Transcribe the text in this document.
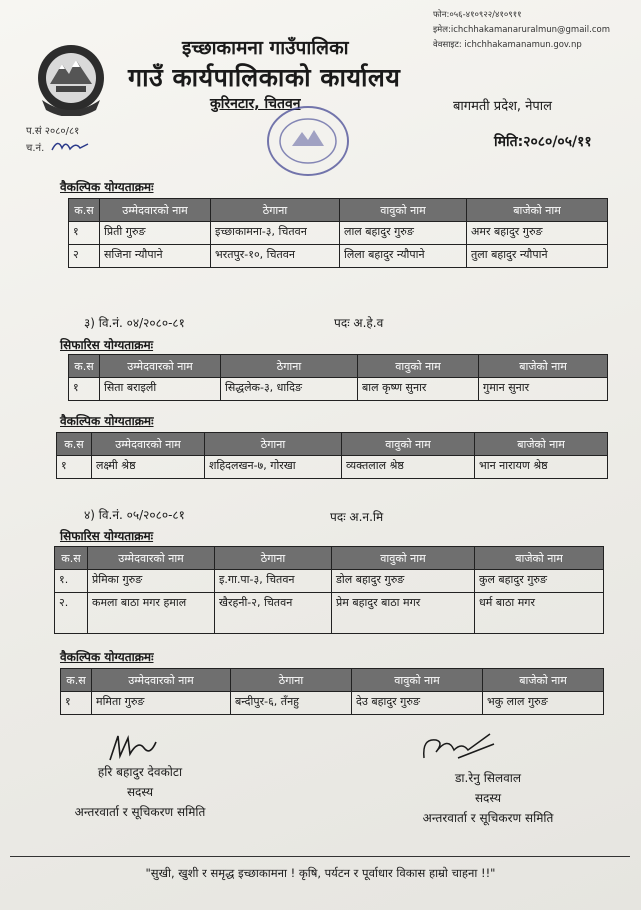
फोन:०५६-४१०९२२/४१०९११
इमेल:ichchhakamanaruralmun@gmail.com
वेवसाइट: ichchhakamanamun.gov.np
इच्छाकामना गाउँपालिका
गाउँ कार्यपालिकाको कार्यालय
कुरिनटार, चितवन	बागमती प्रदेश, नेपाल
प.सं २०८०/८१
च.नं.	मिति:२०८०/०५/११
वैकल्पिक योग्यताक्रमः
क.स	उम्मेदवारको नाम	ठेगाना	वावुको नाम	बाजेको नाम
१	प्रिती गुरुङ	इच्छाकामना-३, चितवन	लाल बहादुर गुरुङ	अमर बहादुर गुरुङ
२	सजिना न्यौपाने	भरतपुर-१०, चितवन	लिला बहादुर न्यौपाने	तुला बहादुर न्यौपाने
३) वि.नं. ०४/२०८०-८१	पदः अ.हे.व
सिफारिस योग्यताक्रमः
क.स	उम्मेदवारको नाम	ठेगाना	वावुको नाम	बाजेको नाम
१	सिता बराइली	सिद्धलेक-३, धादिङ	बाल कृष्ण सुनार	गुमान सुनार
वैकल्पिक योग्यताक्रमः
क.स	उम्मेदवारको नाम	ठेगाना	वावुको नाम	बाजेको नाम
१	लक्ष्मी श्रेष्ठ	शहिदलखन-७, गोरखा	व्यक्तलाल श्रेष्ठ	भान नारायण श्रेष्ठ
४) वि.नं. ०५/२०८०-८१	पदः अ.न.मि
सिफारिस योग्यताक्रमः
क.स	उम्मेदवारको नाम	ठेगाना	वावुको नाम	बाजेको नाम
१.	प्रेमिका गुरुङ	इ.गा.पा-३, चितवन	डोल बहादुर गुरुङ	कुल बहादुर गुरुङ
२.	कमला बाठा मगर हमाल	खैरहनी-२, चितवन	प्रेम बहादुर बाठा मगर	धर्म बाठा मगर
वैकल्पिक योग्यताक्रमः
क.स	उम्मेदवारको नाम	ठेगाना	वावुको नाम	बाजेको नाम
१	ममिता गुरुङ	बन्दीपुर-६, तँनहु	देउ बहादुर गुरुङ	भकु लाल गुरुङ
हरि बहादुर देवकोटा
सदस्य
अन्तरवार्ता र सूचिकरण समिति
डा.रेनु सिलवाल
सदस्य
अन्तरवार्ता र सूचिकरण समिति
"सुखी, खुशी र समृद्ध इच्छाकामना ! कृषि, पर्यटन र पूर्वाधार विकास हाम्रो चाहना !!"
